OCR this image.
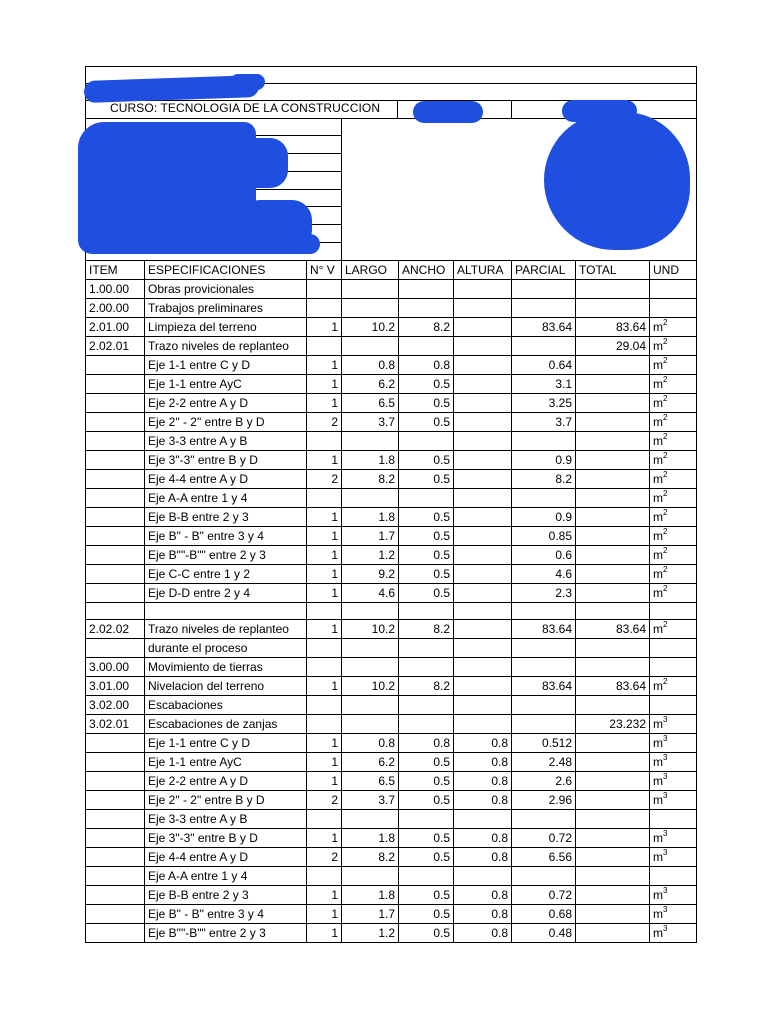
CURSO: TECNOLOGIA DE LA CONSTRUCCION
ITEM	ESPECIFICACIONES	N° V	LARGO	ANCHO	ALTURA	PARCIAL	TOTAL	UND
1.00.00	Obras provicionales							
2.00.00	Trabajos preliminares							
2.01.00	Limpieza del terreno	1	10.2	8.2		83.64	83.64	$m^2$
2.02.01	Trazo niveles de replanteo						29.04	$m^2$
	Eje 1-1 entre C y D	1	0.8	0.8		0.64		$m^2$
	Eje 1-1 entre AyC	1	6.2	0.5		3.1		$m^2$
	Eje 2-2 entre A y D	1	6.5	0.5		3.25		$m^2$
	Eje 2" - 2" entre B y D	2	3.7	0.5		3.7		$m^2$
	Eje 3-3 entre A y B							$m^2$
	Eje 3"-3" entre B y D	1	1.8	0.5		0.9		$m^2$
	Eje 4-4 entre A y D	2	8.2	0.5		8.2		$m^2$
	Eje A-A entre 1 y 4							$m^2$
	Eje B-B entre 2 y 3	1	1.8	0.5		0.9		$m^2$
	Eje B" - B" entre 3 y 4	1	1.7	0.5		0.85		$m^2$
	Eje B""-B"" entre 2 y 3	1	1.2	0.5		0.6		$m^2$
	Eje C-C entre 1 y 2	1	9.2	0.5		4.6		$m^2$
	Eje D-D entre 2 y 4	1	4.6	0.5		2.3		$m^2$

2.02.02	Trazo niveles de replanteo	1	10.2	8.2		83.64	83.64	$m^2$
	durante el proceso							
3.00.00	Movimiento de tierras							
3.01.00	Nivelacion del terreno	1	10.2	8.2		83.64	83.64	$m^2$
3.02.00	Escabaciones							
3.02.01	Escabaciones de zanjas						23.232	$m^3$
	Eje 1-1 entre C y D	1	0.8	0.8	0.8	0.512		$m^3$
	Eje 1-1 entre AyC	1	6.2	0.5	0.8	2.48		$m^3$
	Eje 2-2 entre A y D	1	6.5	0.5	0.8	2.6		$m^3$
	Eje 2" - 2" entre B y D	2	3.7	0.5	0.8	2.96		$m^3$
	Eje 3-3 entre A y B							
	Eje 3"-3" entre B y D	1	1.8	0.5	0.8	0.72		$m^3$
	Eje 4-4 entre A y D	2	8.2	0.5	0.8	6.56		$m^3$
	Eje A-A entre 1 y 4							
	Eje B-B entre 2 y 3	1	1.8	0.5	0.8	0.72		$m^3$
	Eje B" - B" entre 3 y 4	1	1.7	0.5	0.8	0.68		$m^3$
	Eje B""-B"" entre 2 y 3	1	1.2	0.5	0.8	0.48		$m^3$
